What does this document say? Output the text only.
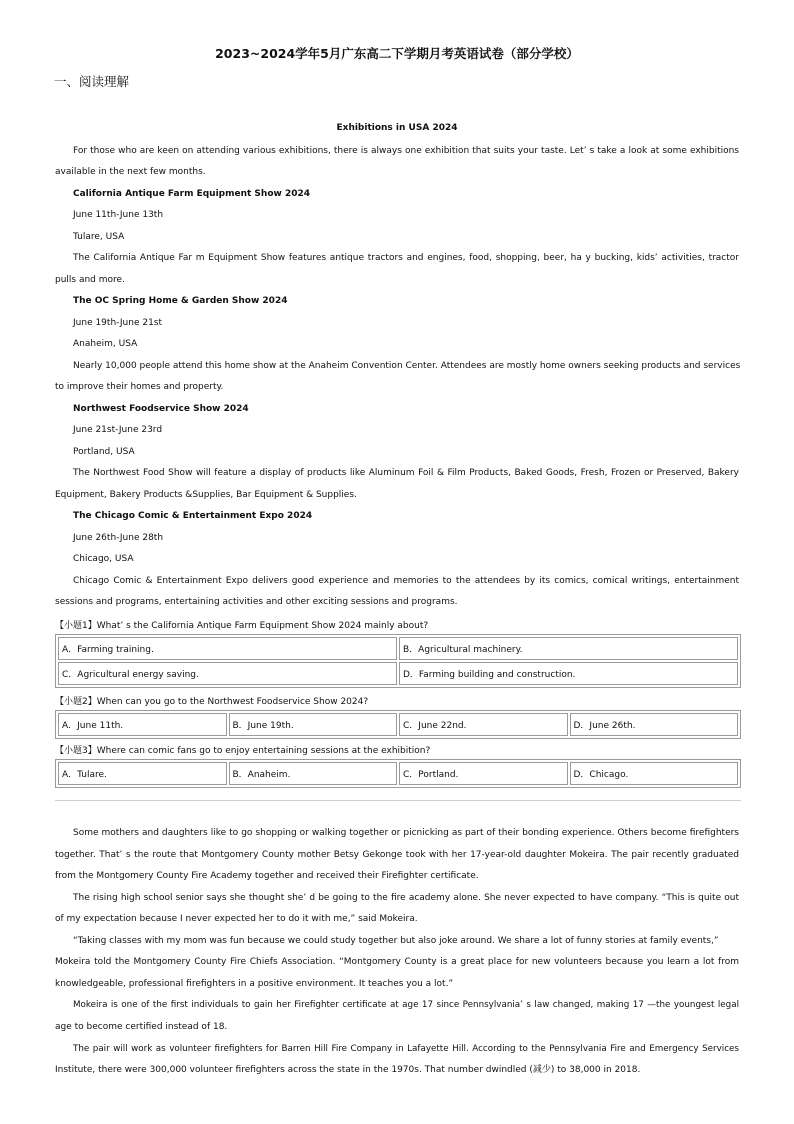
2023~2024学年5月广东高二下学期月考英语试卷（部分学校）
一、阅读理解
Exhibitions in USA 2024
For those who are keen on attending various exhibitions, there is always one exhibition that suits your taste. Let’ s take a look at some exhibitions
available in the next few months.
California Antique Farm Equipment Show 2024
June 11th-June 13th
Tulare, USA
The California Antique Far m Equipment Show features antique tractors and engines, food, shopping, beer, ha y bucking, kids’ activities, tractor
pulls and more.
The OC Spring Home & Garden Show 2024
June 19th-June 21st
Anaheim, USA
Nearly 10,000 people attend this home show at the Anaheim Convention Center. Attendees are mostly home owners seeking products and services
to improve their homes and property.
Northwest Foodservice Show 2024
June 21st-June 23rd
Portland, USA
The Northwest Food Show will feature a display of products like Aluminum Foil & Film Products, Baked Goods, Fresh, Frozen or Preserved, Bakery
Equipment, Bakery Products &Supplies, Bar Equipment & Supplies.
The Chicago Comic & Entertainment Expo 2024
June 26th-June 28th
Chicago, USA
Chicago Comic & Entertainment Expo delivers good experience and memories to the attendees by its comics, comical writings, entertainment
sessions and programs, entertaining activities and other exciting sessions and programs.
【小题1】What’ s the California Antique Farm Equipment Show 2024 mainly about?
A．Farming training.	B．Agricultural machinery.
C．Agricultural energy saving.	D．Farming building and construction.
【小题2】When can you go to the Northwest Foodservice Show 2024?
A．June 11th.	B．June 19th.	C．June 22nd.	D．June 26th.
【小题3】Where can comic fans go to enjoy entertaining sessions at the exhibition?
A．Tulare.	B．Anaheim.	C．Portland.	D．Chicago.
Some mothers and daughters like to go shopping or walking together or picnicking as part of their bonding experience. Others become firefighters
together. That’ s the route that Montgomery County mother Betsy Gekonge took with her 17-year-old daughter Mokeira. The pair recently graduated
from the Montgomery County Fire Academy together and received their Firefighter certificate.
The rising high school senior says she thought she’ d be going to the fire academy alone. She never expected to have company. “This is quite out
of my expectation because I never expected her to do it with me,” said Mokeira.
“Taking classes with my mom was fun because we could study together but also joke around. We share a lot of funny stories at family events,”
Mokeira told the Montgomery County Fire Chiefs Association. “Montgomery County is a great place for new volunteers because you learn a lot from
knowledgeable, professional firefighters in a positive environment. It teaches you a lot.”
Mokeira is one of the first individuals to gain her Firefighter certificate at age 17 since Pennsylvania’ s law changed, making 17 —the youngest legal
age to become certified instead of 18.
The pair will work as volunteer firefighters for Barren Hill Fire Company in Lafayette Hill. According to the Pennsylvania Fire and Emergency Services
Institute, there were 300,000 volunteer firefighters across the state in the 1970s. That number dwindled (减少) to 38,000 in 2018.
